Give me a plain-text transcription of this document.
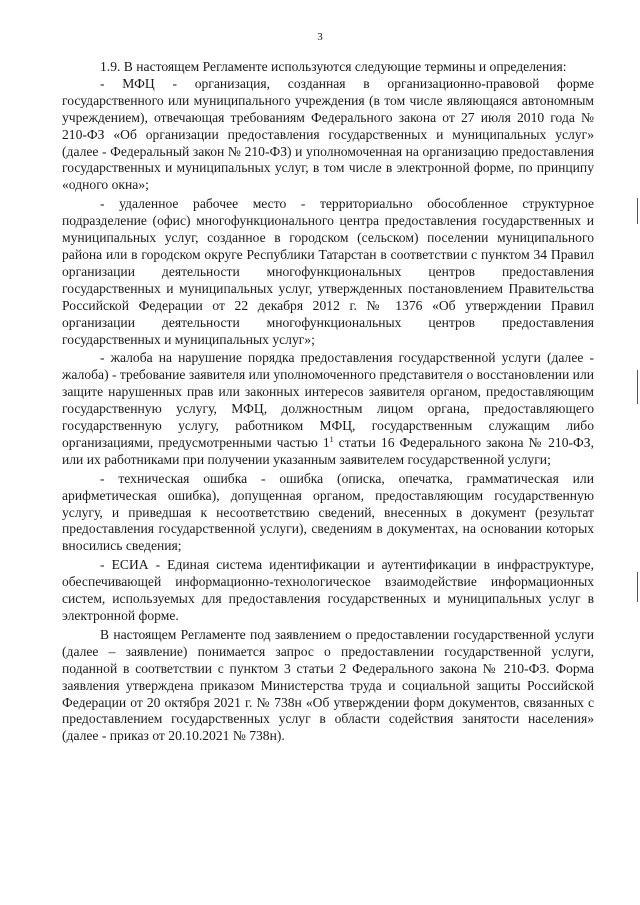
3

1.9. В настоящем Регламенте используются следующие термины и определения:

- МФЦ - организация, созданная в организационно-правовой форме государственного или муниципального учреждения (в том числе являющаяся автономным учреждением), отвечающая требованиям Федерального закона от 27 июля 2010 года № 210-ФЗ «Об организации предоставления государственных и муниципальных услуг» (далее - Федеральный закон № 210-ФЗ) и уполномоченная на организацию предоставления государственных и муниципальных услуг, в том числе в электронной форме, по принципу «одного окна»;

- удаленное рабочее место - территориально обособленное структурное подразделение (офис) многофункционального центра предоставления государственных и муниципальных услуг, созданное в городском (сельском) поселении муниципального района или в городском округе Республики Татарстан в соответствии с пунктом 34 Правил организации деятельности многофункциональных центров предоставления государственных и муниципальных услуг, утвержденных постановлением Правительства Российской Федерации от 22 декабря 2012 г. № 1376 «Об утверждении Правил организации деятельности многофункциональных центров предоставления государственных и муниципальных услуг»;

- жалоба на нарушение порядка предоставления государственной услуги (далее - жалоба) - требование заявителя или уполномоченного представителя о восстановлении или защите нарушенных прав или законных интересов заявителя органом, предоставляющим государственную услугу, МФЦ, должностным лицом органа, предоставляющего государственную услугу, работником МФЦ, государственным служащим либо организациями, предусмотренными частью $1^1$ статьи 16 Федерального закона № 210-ФЗ, или их работниками при получении указанным заявителем государственной услуги;

- техническая ошибка - ошибка (описка, опечатка, грамматическая или арифметическая ошибка), допущенная органом, предоставляющим государственную услугу, и приведшая к несоответствию сведений, внесенных в документ (результат предоставления государственной услуги), сведениям в документах, на основании которых вносились сведения;

- ЕСИА - Единая система идентификации и аутентификации в инфраструктуре, обеспечивающей информационно-технологическое взаимодействие информационных систем, используемых для предоставления государственных и муниципальных услуг в электронной форме.

В настоящем Регламенте под заявлением о предоставлении государственной услуги (далее – заявление) понимается запрос о предоставлении государственной услуги, поданной в соответствии с пунктом 3 статьи 2 Федерального закона № 210-ФЗ. Форма заявления утверждена приказом Министерства труда и социальной защиты Российской Федерации от 20 октября 2021 г. № 738н «Об утверждении форм документов, связанных с предоставлением государственных услуг в области содействия занятости населения» (далее - приказ от 20.10.2021 № 738н).
